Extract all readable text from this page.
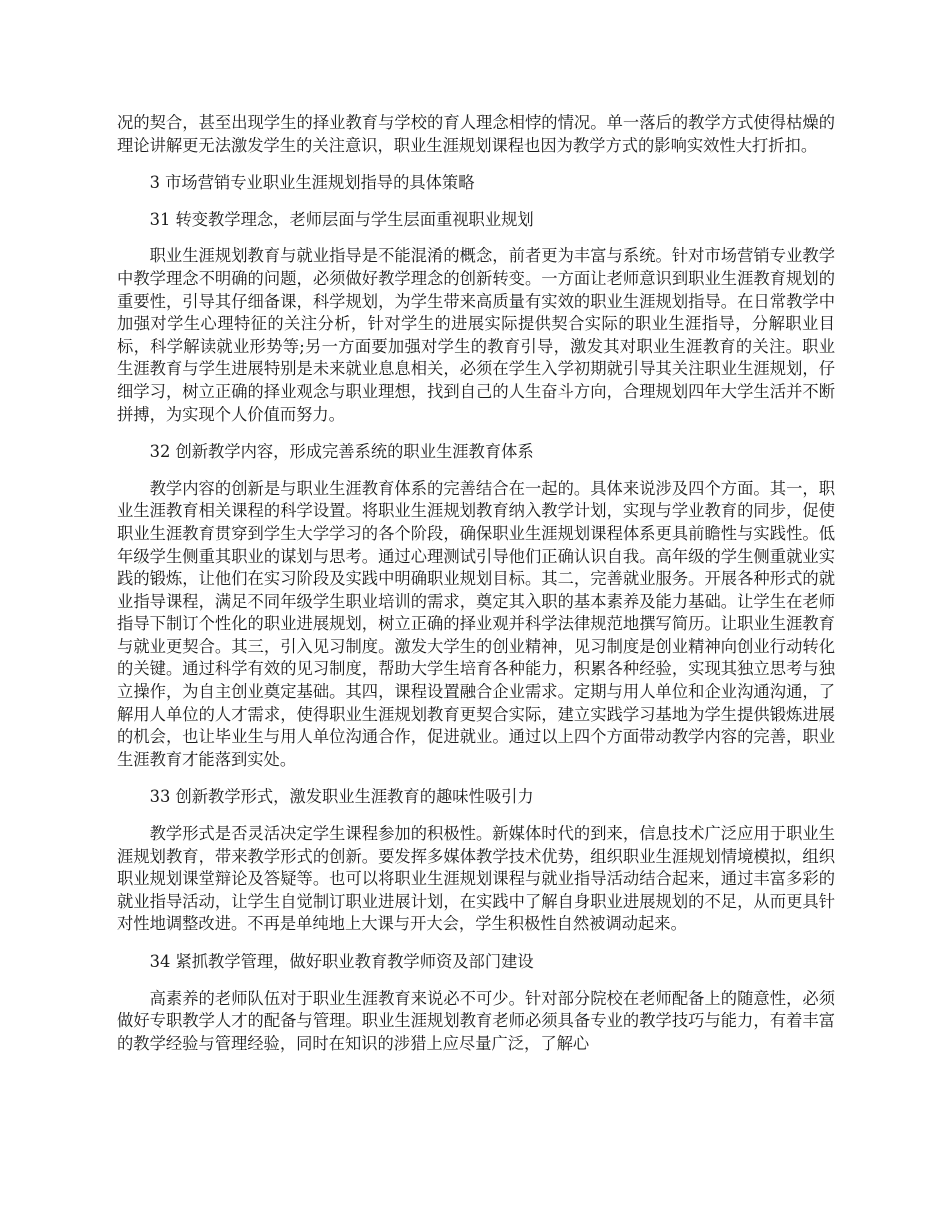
况的契合，甚至出现学生的择业教育与学校的育人理念相悖的情况。单一落后的教学方式使得枯燥的理论讲解更无法激发学生的关注意识，职业生涯规划课程也因为教学方式的影响实效性大打折扣。

3 市场营销专业职业生涯规划指导的具体策略
31 转变教学理念，老师层面与学生层面重视职业规划

职业生涯规划教育与就业指导是不能混淆的概念，前者更为丰富与系统。针对市场营销专业教学中教学理念不明确的问题，必须做好教学理念的创新转变。一方面让老师意识到职业生涯教育规划的重要性，引导其仔细备课，科学规划，为学生带来高质量有实效的职业生涯规划指导。在日常教学中加强对学生心理特征的关注分析，针对学生的进展实际提供契合实际的职业生涯指导，分解职业目标，科学解读就业形势等;另一方面要加强对学生的教育引导，激发其对职业生涯教育的关注。职业生涯教育与学生进展特别是未来就业息息相关，必须在学生入学初期就引导其关注职业生涯规划，仔细学习，树立正确的择业观念与职业理想，找到自己的人生奋斗方向，合理规划四年大学生活并不断拼搏，为实现个人价值而努力。

32 创新教学内容，形成完善系统的职业生涯教育体系

教学内容的创新是与职业生涯教育体系的完善结合在一起的。具体来说涉及四个方面。其一，职业生涯教育相关课程的科学设置。将职业生涯规划教育纳入教学计划，实现与学业教育的同步，促使职业生涯教育贯穿到学生大学学习的各个阶段，确保职业生涯规划课程体系更具前瞻性与实践性。低年级学生侧重其职业的谋划与思考。通过心理测试引导他们正确认识自我。高年级的学生侧重就业实践的锻炼，让他们在实习阶段及实践中明确职业规划目标。其二，完善就业服务。开展各种形式的就业指导课程，满足不同年级学生职业培训的需求，奠定其入职的基本素养及能力基础。让学生在老师指导下制订个性化的职业进展规划，树立正确的择业观并科学法律规范地撰写简历。让职业生涯教育与就业更契合。其三，引入见习制度。激发大学生的创业精神，见习制度是创业精神向创业行动转化的关键。通过科学有效的见习制度，帮助大学生培育各种能力，积累各种经验，实现其独立思考与独立操作，为自主创业奠定基础。其四，课程设置融合企业需求。定期与用人单位和企业沟通沟通，了解用人单位的人才需求，使得职业生涯规划教育更契合实际，建立实践学习基地为学生提供锻炼进展的机会，也让毕业生与用人单位沟通合作，促进就业。通过以上四个方面带动教学内容的完善，职业生涯教育才能落到实处。

33 创新教学形式，激发职业生涯教育的趣味性吸引力

教学形式是否灵活决定学生课程参加的积极性。新媒体时代的到来，信息技术广泛应用于职业生涯规划教育，带来教学形式的创新。要发挥多媒体教学技术优势，组织职业生涯规划情境模拟，组织职业规划课堂辩论及答疑等。也可以将职业生涯规划课程与就业指导活动结合起来，通过丰富多彩的就业指导活动，让学生自觉制订职业进展计划，在实践中了解自身职业进展规划的不足，从而更具针对性地调整改进。不再是单纯地上大课与开大会，学生积极性自然被调动起来。

34 紧抓教学管理，做好职业教育教学师资及部门建设

高素养的老师队伍对于职业生涯教育来说必不可少。针对部分院校在老师配备上的随意性，必须做好专职教学人才的配备与管理。职业生涯规划教育老师必须具备专业的教学技巧与能力，有着丰富的教学经验与管理经验，同时在知识的涉猎上应尽量广泛，了解心
